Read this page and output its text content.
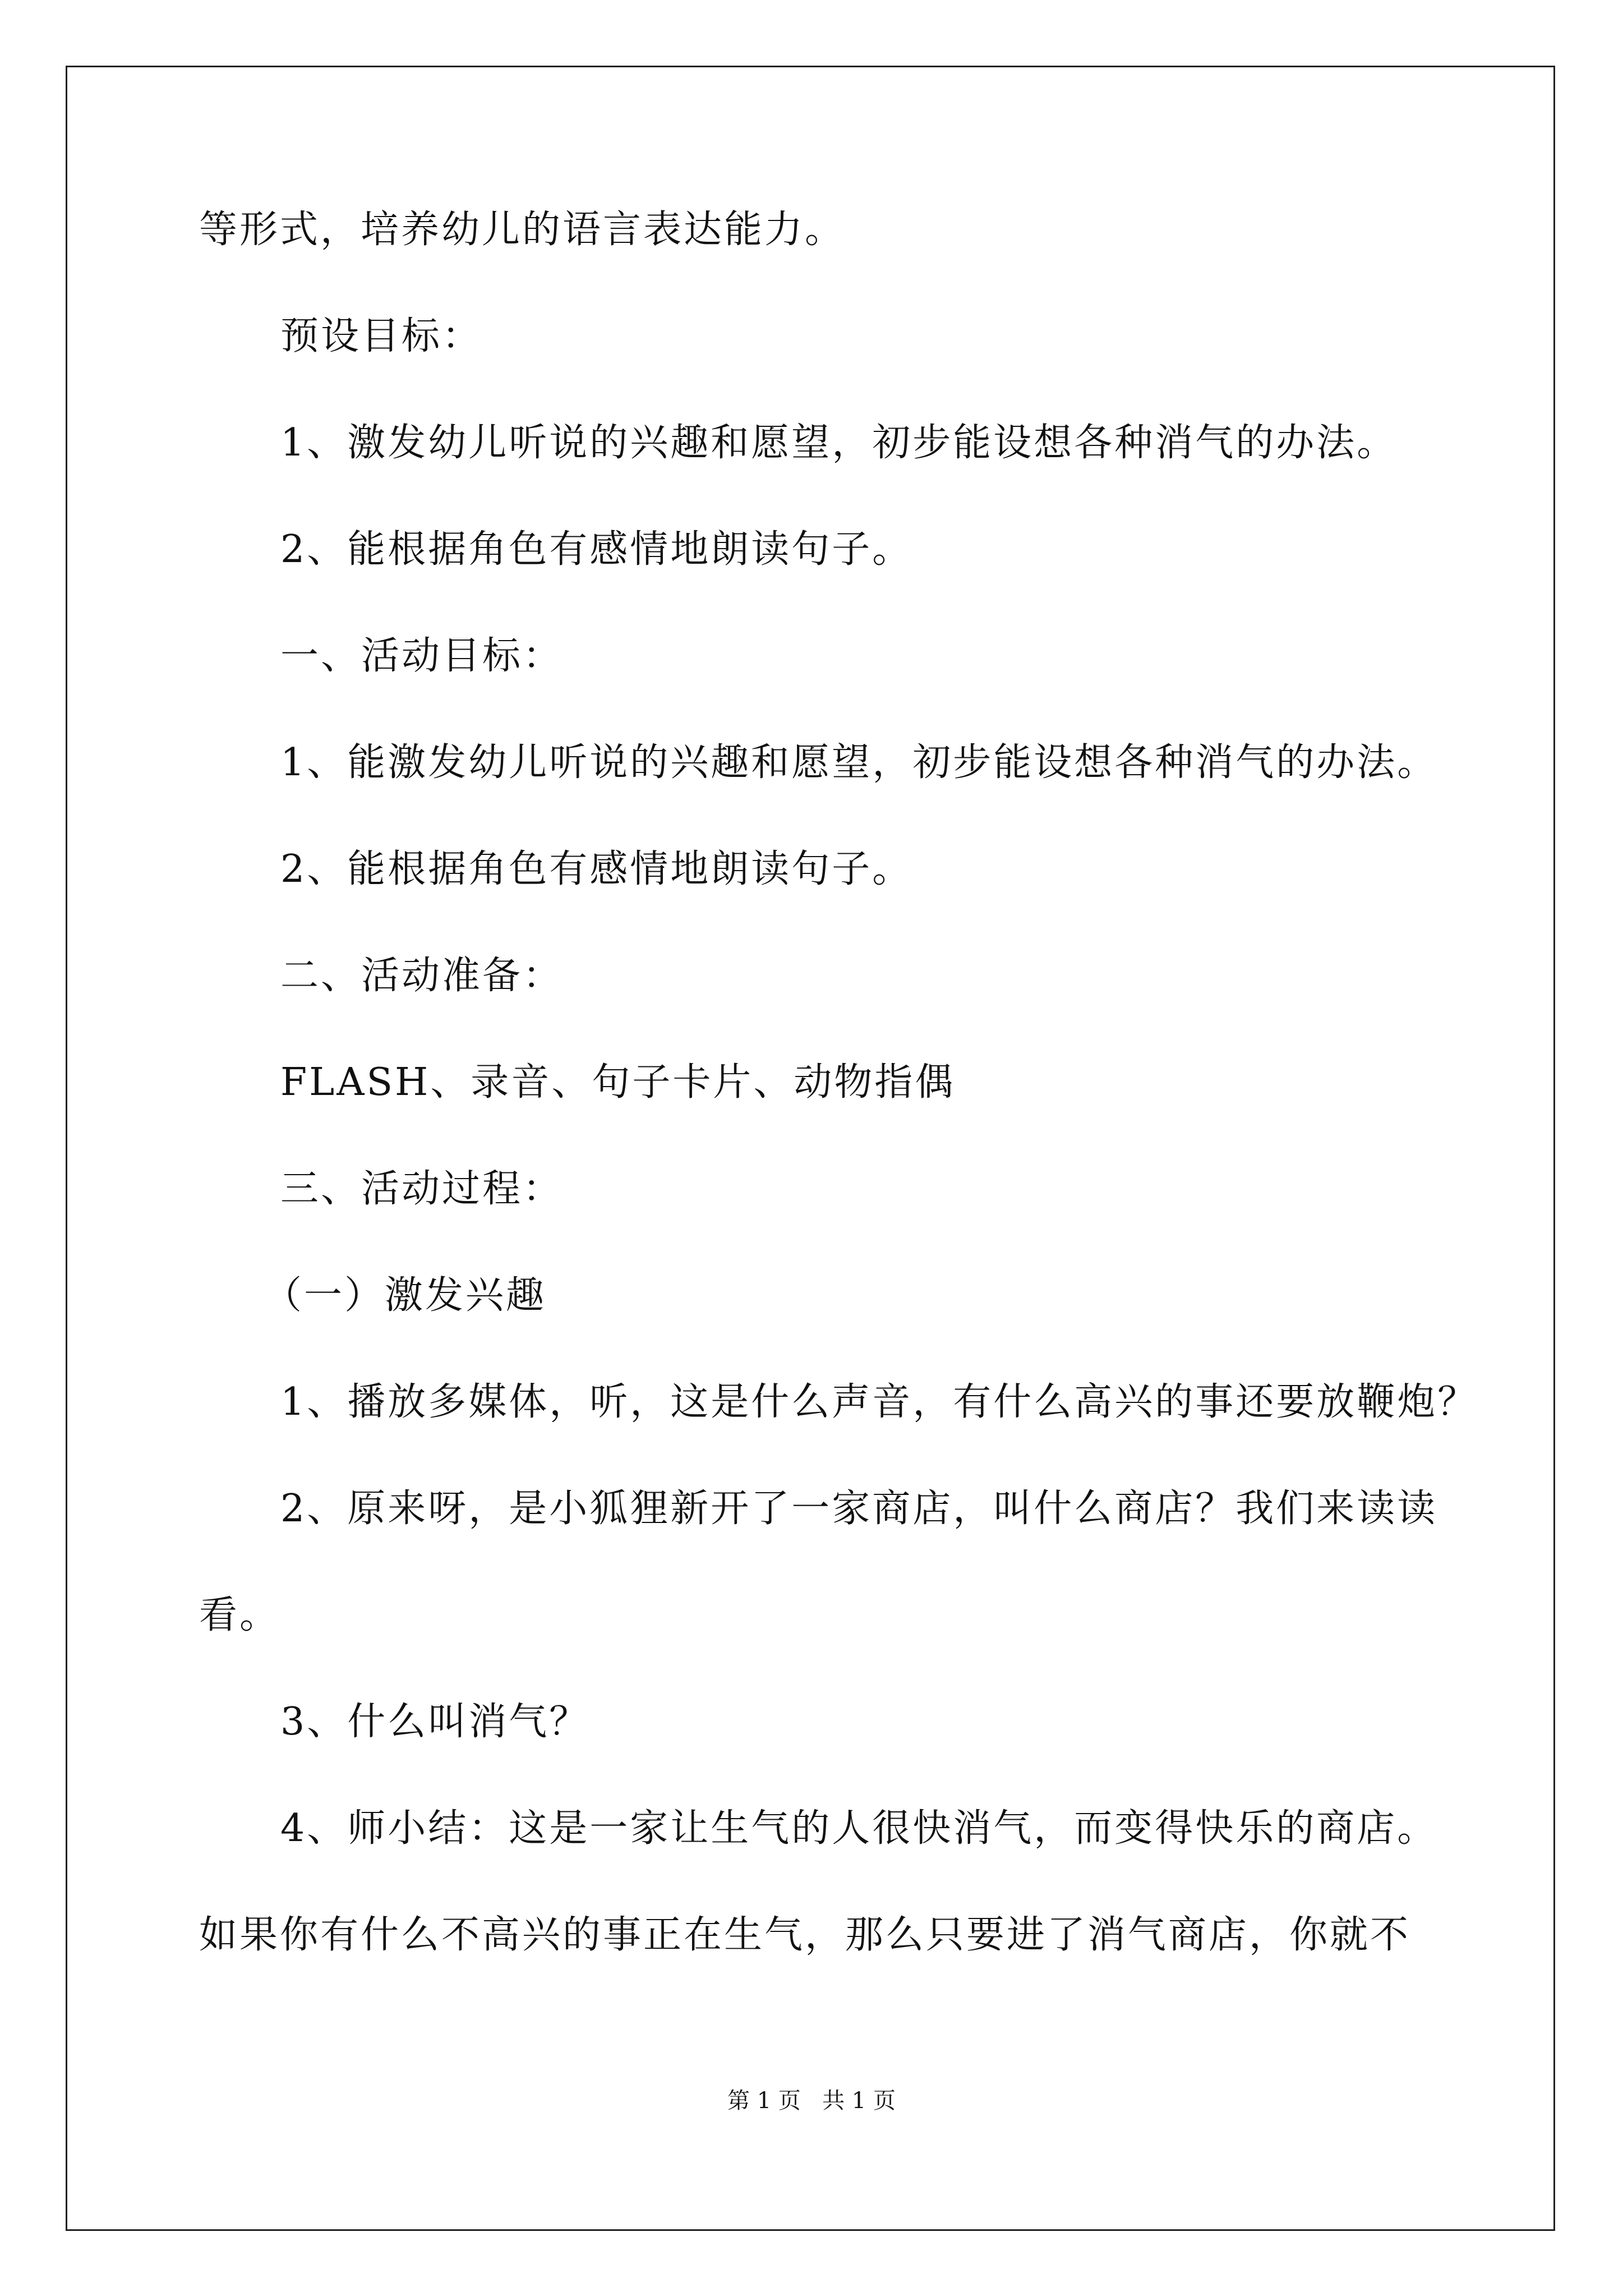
等形式，培养幼儿的语言表达能力。
预设目标：
1、激发幼儿听说的兴趣和愿望，初步能设想各种消气的办法。
2、能根据角色有感情地朗读句子。
一、活动目标：
1、能激发幼儿听说的兴趣和愿望，初步能设想各种消气的办法。
2、能根据角色有感情地朗读句子。
二、活动准备：
FLASH、录音、句子卡片、动物指偶
三、活动过程：
（一）激发兴趣
1、播放多媒体，听，这是什么声音，有什么高兴的事还要放鞭炮？
2、原来呀，是小狐狸新开了一家商店，叫什么商店？我们来读读
看。
3、什么叫消气？
4、师小结：这是一家让生气的人很快消气，而变得快乐的商店。
如果你有什么不高兴的事正在生气，那么只要进了消气商店，你就不
第 1 页   共 1 页
